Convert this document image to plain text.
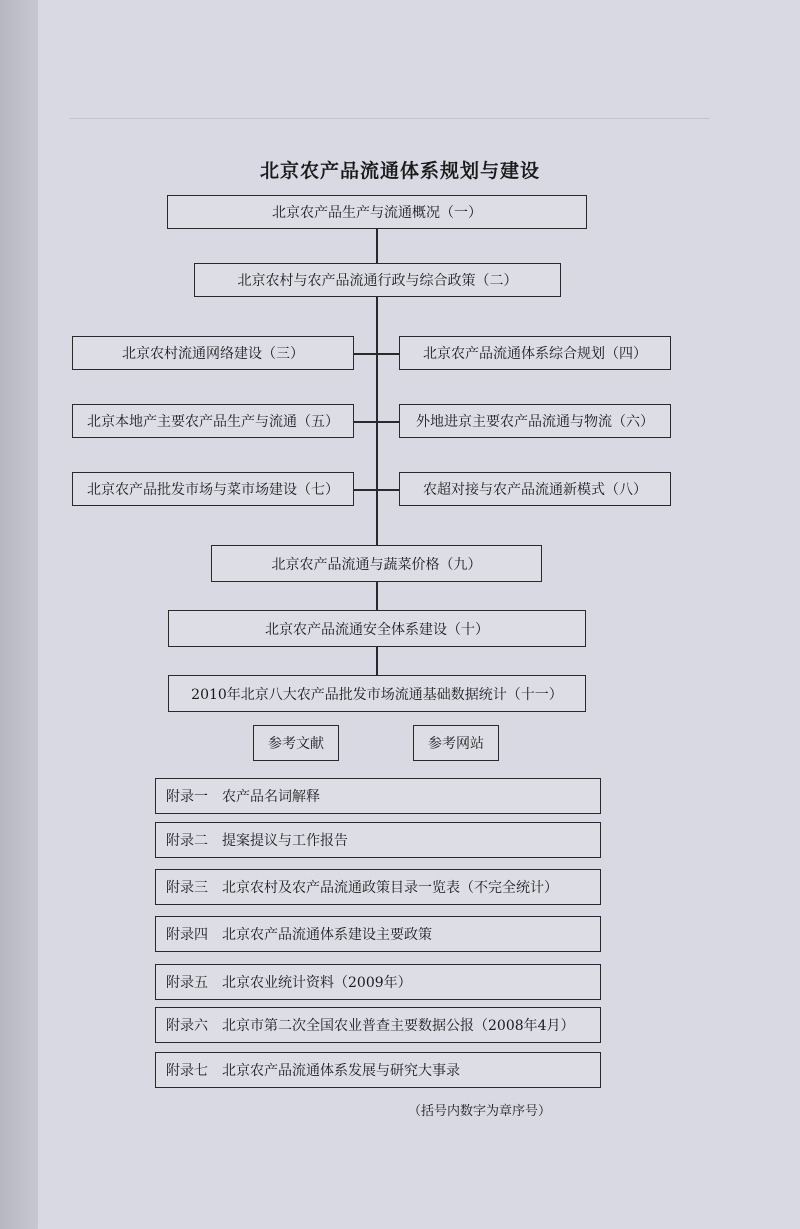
北京农产品流通体系规划与建设
北京农产品生产与流通概况（一）
北京农村与农产品流通行政与综合政策（二）
北京农村流通网络建设（三）	北京农产品流通体系综合规划（四）
北京本地产主要农产品生产与流通（五）	外地进京主要农产品流通与物流（六）
北京农产品批发市场与菜市场建设（七）	农超对接与农产品流通新模式（八）
北京农产品流通与蔬菜价格（九）
北京农产品流通安全体系建设（十）
2010年北京八大农产品批发市场流通基础数据统计（十一）
参考文献	参考网站
附录一　农产品名词解释
附录二　提案提议与工作报告
附录三　北京农村及农产品流通政策目录一览表（不完全统计）
附录四　北京农产品流通体系建设主要政策
附录五　北京农业统计资料（2009年）
附录六　北京市第二次全国农业普查主要数据公报（2008年4月）
附录七　北京农产品流通体系发展与研究大事录
（括号内数字为章序号）
